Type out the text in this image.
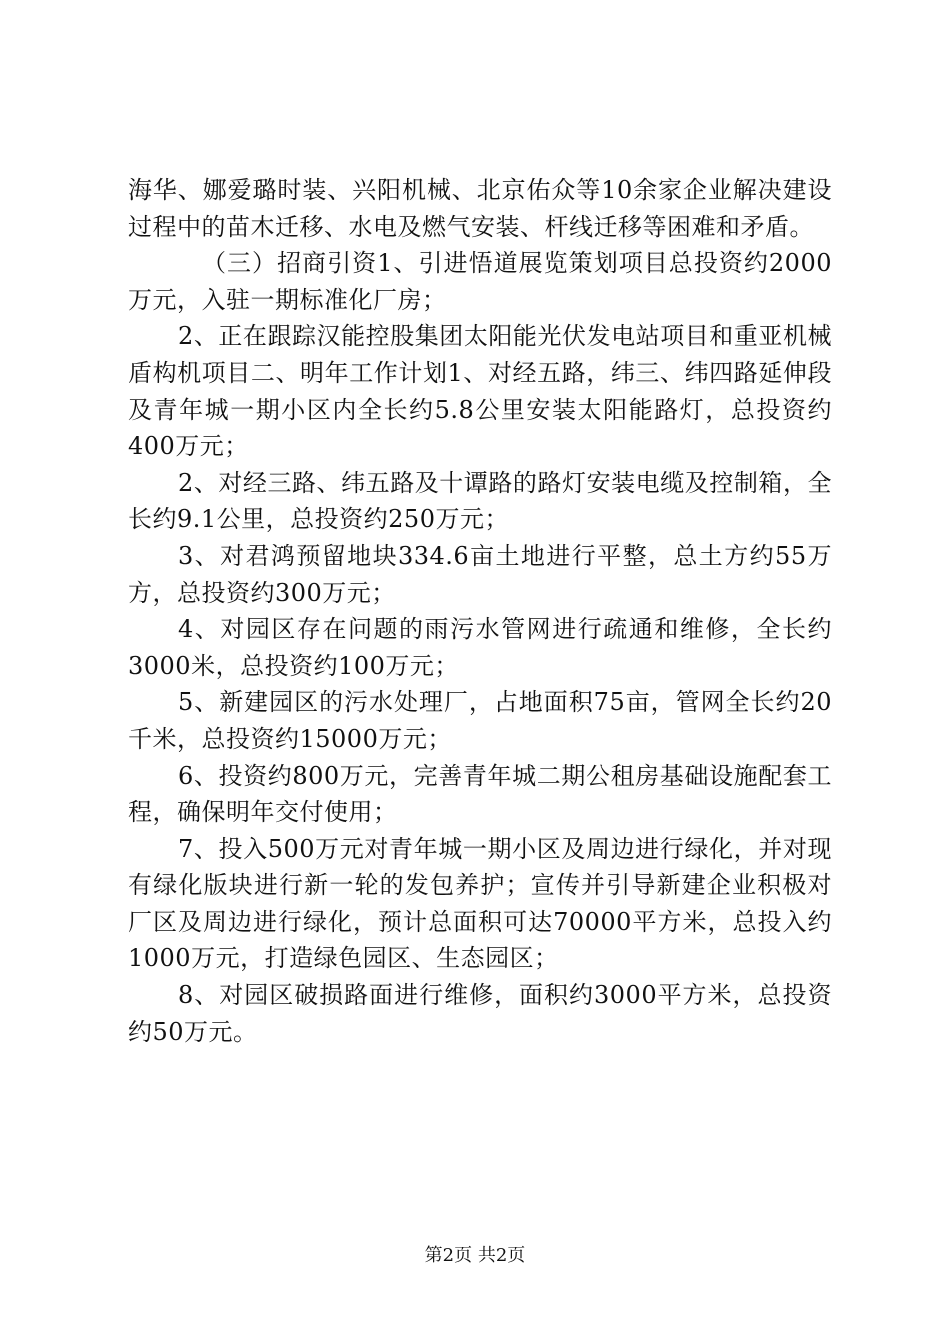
海华、娜爱璐时装、兴阳机械、北京佑众等10余家企业解决建设过程中的苗木迁移、水电及燃气安装、杆线迁移等困难和矛盾。

（三）招商引资1、引进悟道展览策划项目总投资约2000万元，入驻一期标准化厂房；

2、正在跟踪汉能控股集团太阳能光伏发电站项目和重亚机械盾构机项目二、明年工作计划1、对经五路，纬三、纬四路延伸段及青年城一期小区内全长约5.8公里安装太阳能路灯，总投资约400万元；

2、对经三路、纬五路及十谭路的路灯安装电缆及控制箱，全长约9.1公里，总投资约250万元；

3、对君鸿预留地块334.6亩土地进行平整，总土方约55万方，总投资约300万元；

4、对园区存在问题的雨污水管网进行疏通和维修，全长约3000米，总投资约100万元；

5、新建园区的污水处理厂，占地面积75亩，管网全长约20千米，总投资约15000万元；

6、投资约800万元，完善青年城二期公租房基础设施配套工程，确保明年交付使用；

7、投入500万元对青年城一期小区及周边进行绿化，并对现有绿化版块进行新一轮的发包养护；宣传并引导新建企业积极对厂区及周边进行绿化，预计总面积可达70000平方米，总投入约1000万元，打造绿色园区、生态园区；

8、对园区破损路面进行维修，面积约3000平方米，总投资约50万元。

第2页 共2页
